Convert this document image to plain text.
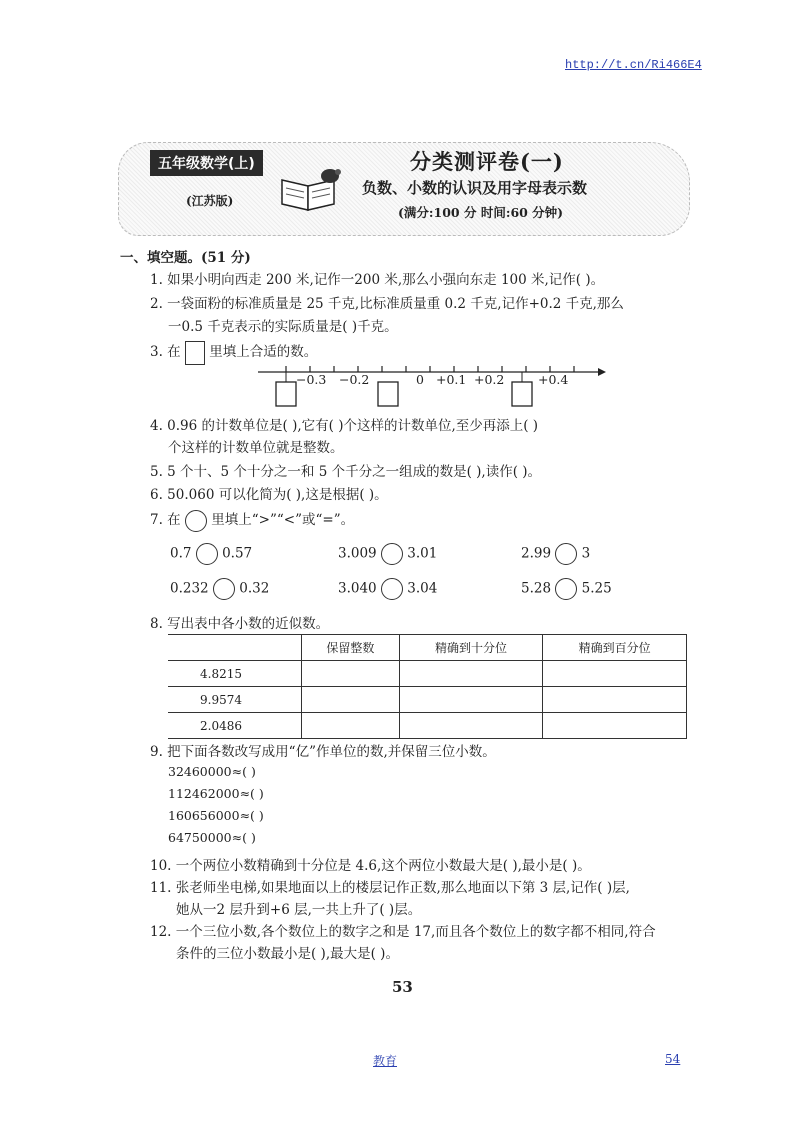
http://t.cn/Ri466E4
五年级数学(上)
(江苏版)
分类测评卷(一)
负数、小数的认识及用字母表示数
(满分:100 分 时间:60 分钟)
一、填空题。(51 分)
1. 如果小明向西走 200 米,记作一200 米,那么小强向东走 100 米,记作( )。
2. 一袋面粉的标准质量是 25 千克,比标准质量重 0.2 千克,记作+0.2 千克,那么
一0.5 千克表示的实际质量是( )千克。
3. 在 里填上合适的数。
−0.3 −0.2	0 +0.1 +0.2	+0.4
4. 0.96 的计数单位是( ),它有( )个这样的计数单位,至少再添上( )
个这样的计数单位就是整数。
5. 5 个十、5 个十分之一和 5 个千分之一组成的数是( ),读作( )。
6. 50.060 可以化简为( ),这是根据( )。
7. 在 里填上“>”“<”或“=”。
0.7 0.57	3.009 3.01	2.99 3
0.232 0.32	3.040 3.04	5.28 5.25
8. 写出表中各小数的近似数。
	保留整数	精确到十分位	精确到百分位
4.8215			
9.9574			
2.0486			
9. 把下面各数改写成用“亿”作单位的数,并保留三位小数。
32460000≈( )
112462000≈( )
160656000≈( )
64750000≈( )
10. 一个两位小数精确到十分位是 4.6,这个两位小数最大是( ),最小是( )。
11. 张老师坐电梯,如果地面以上的楼层记作正数,那么地面以下第 3 层,记作( )层,
她从一2 层升到+6 层,一共上升了( )层。
12. 一个三位小数,各个数位上的数字之和是 17,而且各个数位上的数字都不相同,符合
条件的三位小数最小是( ),最大是( )。
53
教育	54
